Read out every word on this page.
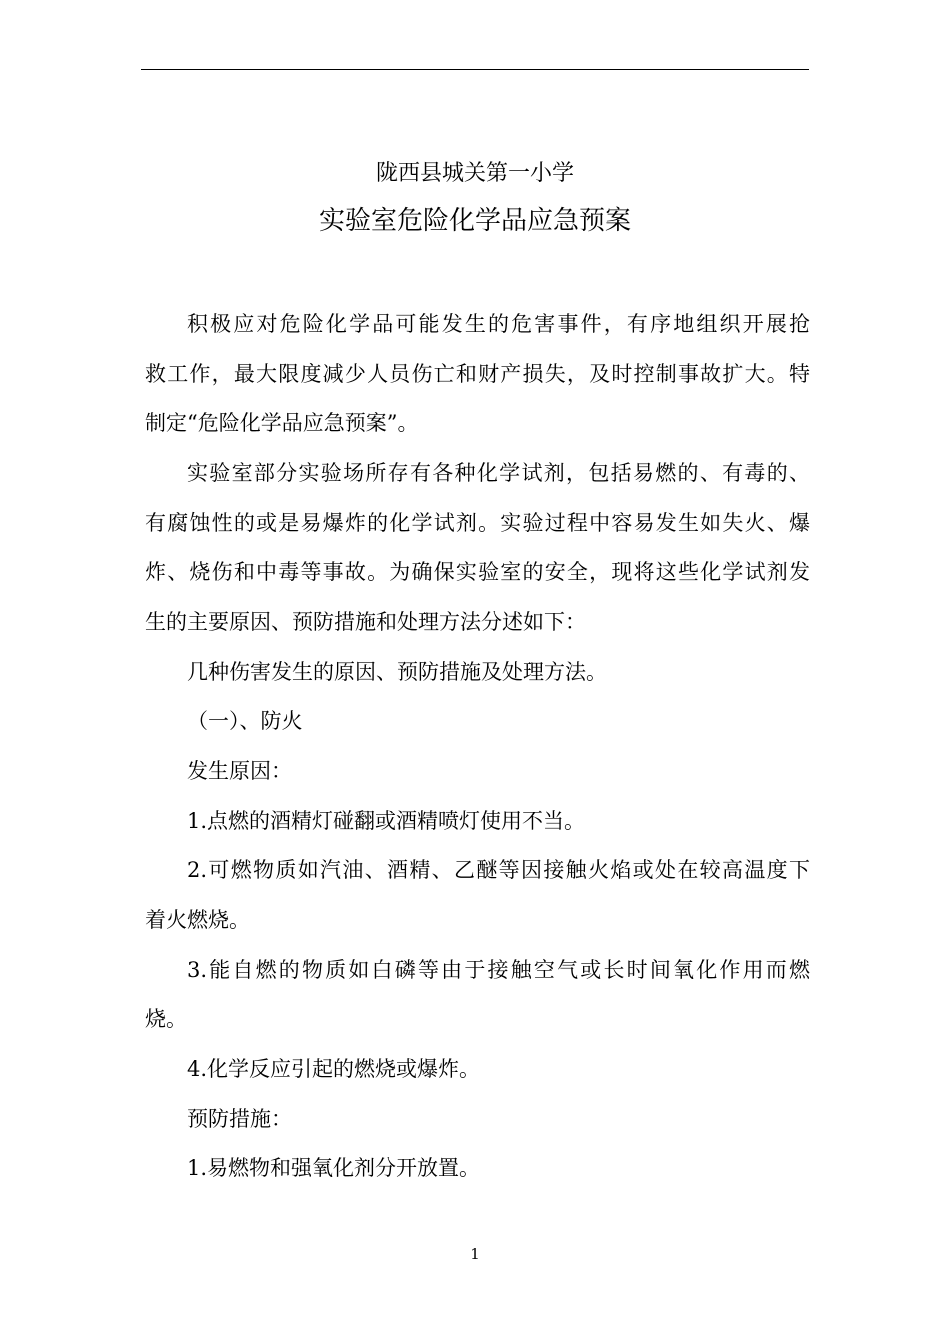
陇西县城关第一小学
实验室危险化学品应急预案
积极应对危险化学品可能发生的危害事件，有序地组织开展抢
救工作，最大限度减少人员伤亡和财产损失，及时控制事故扩大。特
制定“危险化学品应急预案”。
实验室部分实验场所存有各种化学试剂，包括易燃的、有毒的、
有腐蚀性的或是易爆炸的化学试剂。实验过程中容易发生如失火、爆
炸、烧伤和中毒等事故。为确保实验室的安全，现将这些化学试剂发
生的主要原因、预防措施和处理方法分述如下：
几种伤害发生的原因、预防措施及处理方法。
（一）、防火
发生原因：
1.点燃的酒精灯碰翻或酒精喷灯使用不当。
2.可燃物质如汽油、酒精、乙醚等因接触火焰或处在较高温度下
着火燃烧。
3.能自燃的物质如白磷等由于接触空气或长时间氧化作用而燃
烧。
4.化学反应引起的燃烧或爆炸。
预防措施：
1.易燃物和强氧化剂分开放置。
1
